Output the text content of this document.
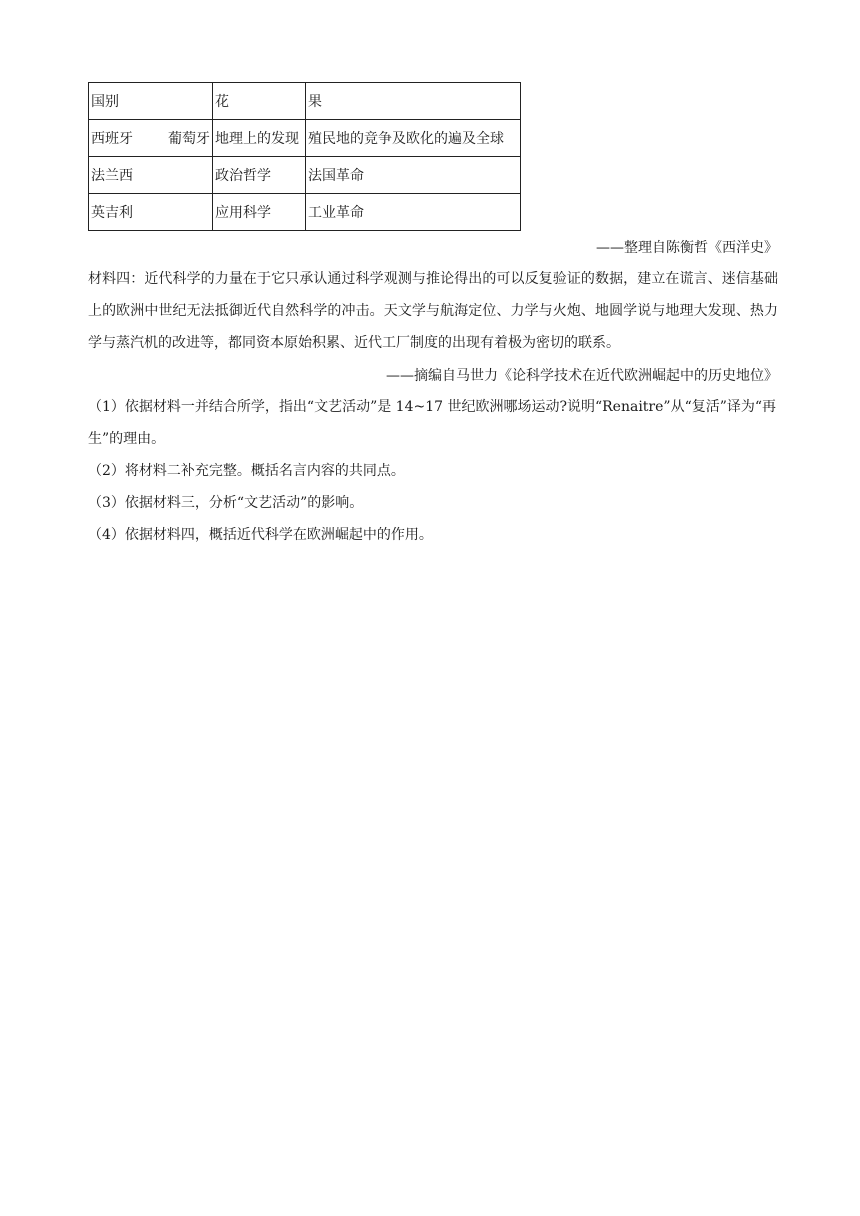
国别	花	果

西班牙 葡萄牙	地理上的发现	殖民地的竞争及欧化的遍及全球
法兰西	政治哲学	法国革命
英吉利	应用科学	工业革命
——整理自陈衡哲《西洋史》

材料四：近代科学的力量在于它只承认通过科学观测与推论得出的可以反复验证的数据，建立在谎言、迷信基础上的欧洲中世纪无法抵御近代自然科学的冲击。天文学与航海定位、力学与火炮、地圆学说与地理大发现、热力学与蒸汽机的改进等，都同资本原始积累、近代工厂制度的出现有着极为密切的联系。

——摘编自马世力《论科学技术在近代欧洲崛起中的历史地位》

（1）依据材料一并结合所学，指出“文艺活动”是 14~17 世纪欧洲哪场运动?说明“Renaitre”从“复活”译为“再生”的理由。

（2）将材料二补充完整。概括名言内容的共同点。

（3）依据材料三，分析“文艺活动”的影响。

（4）依据材料四，概括近代科学在欧洲崛起中的作用。
